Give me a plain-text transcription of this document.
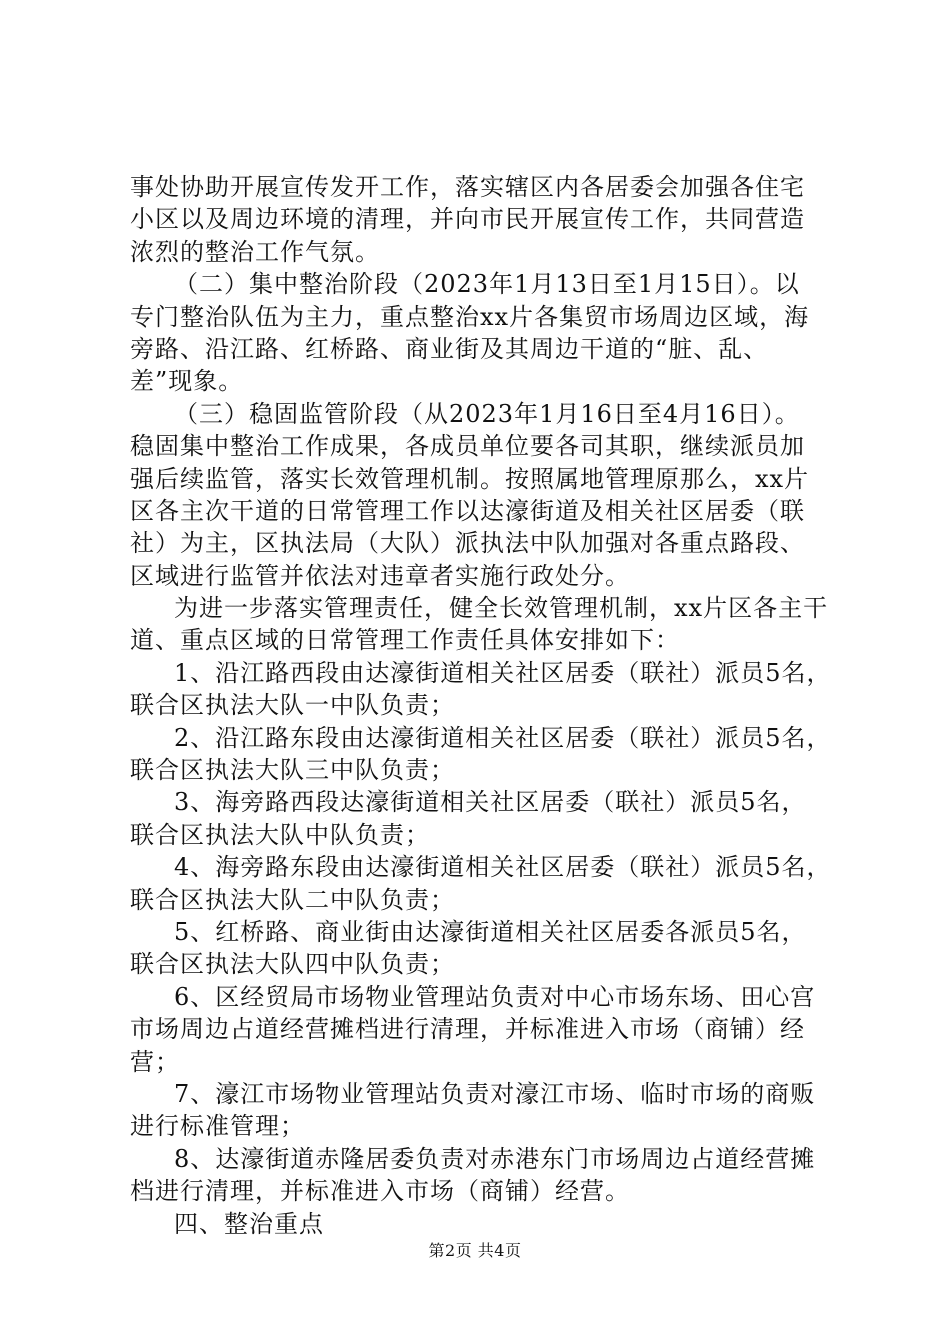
事处协助开展宣传发开工作，落实辖区内各居委会加强各住宅
小区以及周边环境的清理，并向市民开展宣传工作，共同营造
浓烈的整治工作气氛。
（二）集中整治阶段（2023年1月13日至1月15日）。以
专门整治队伍为主力，重点整治xx片各集贸市场周边区域，海
旁路、沿江路、红桥路、商业街及其周边干道的“脏、乱、
差”现象。
（三）稳固监管阶段（从2023年1月16日至4月16日）。
稳固集中整治工作成果，各成员单位要各司其职，继续派员加
强后续监管，落实长效管理机制。按照属地管理原那么，xx片
区各主次干道的日常管理工作以达濠街道及相关社区居委（联
社）为主，区执法局（大队）派执法中队加强对各重点路段、
区域进行监管并依法对违章者实施行政处分。
为进一步落实管理责任，健全长效管理机制，xx片区各主干
道、重点区域的日常管理工作责任具体安排如下：
1、沿江路西段由达濠街道相关社区居委（联社）派员5名，
联合区执法大队一中队负责；
2、沿江路东段由达濠街道相关社区居委（联社）派员5名，
联合区执法大队三中队负责；
3、海旁路西段达濠街道相关社区居委（联社）派员5名，
联合区执法大队中队负责；
4、海旁路东段由达濠街道相关社区居委（联社）派员5名，
联合区执法大队二中队负责；
5、红桥路、商业街由达濠街道相关社区居委各派员5名，
联合区执法大队四中队负责；
6、区经贸局市场物业管理站负责对中心市场东场、田心宫
市场周边占道经营摊档进行清理，并标准进入市场（商铺）经
营；
7、濠江市场物业管理站负责对濠江市场、临时市场的商贩
进行标准管理；
8、达濠街道赤隆居委负责对赤港东门市场周边占道经营摊
档进行清理，并标准进入市场（商铺）经营。
四、整治重点
第2页 共4页
